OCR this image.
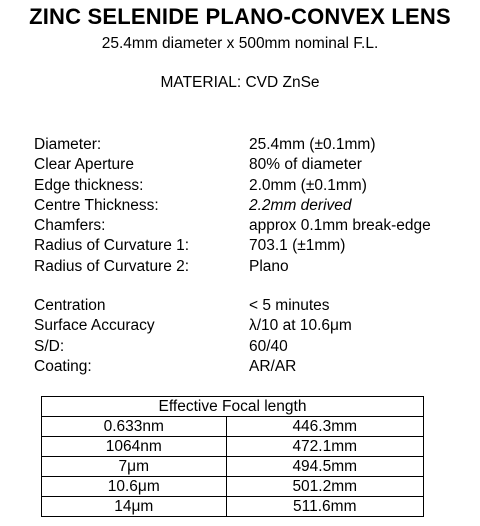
ZINC SELENIDE PLANO-CONVEX LENS
25.4mm diameter x 500mm nominal F.L.
MATERIAL: CVD ZnSe
Diameter:	25.4mm (±0.1mm)
Clear Aperture	80% of diameter
Edge thickness:	2.0mm (±0.1mm)
Centre Thickness:	2.2mm derived
Chamfers:	approx 0.1mm break-edge
Radius of Curvature 1:	703.1 (±1mm)
Radius of Curvature 2:	Plano
Centration	< 5 minutes
Surface Accuracy	λ/10 at 10.6μm
S/D:	60/40
Coating:	AR/AR
Effective Focal length	
0.633nm	446.3mm
1064nm	472.1mm
7μm	494.5mm
10.6μm	501.2mm
14μm	511.6mm
